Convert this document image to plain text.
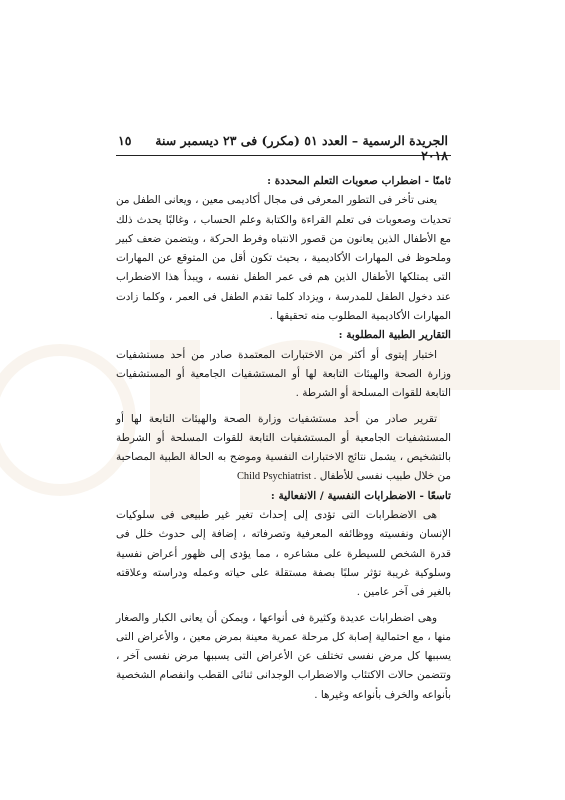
الجريدة الرسمية – العدد ٥١ (مكرر) فى ٢٣ ديسمبر سنة ٢٠١٨
١٥
ثامنًا - اضطراب صعوبات التعلم المحددة :
يعنى تأخر فى التطور المعرفى فى مجال أكاديمى معين ، ويعانى الطفل من تحديات وصعوبات فى تعلم القراءة والكتابة وعلم الحساب ، وغالبًا يحدث ذلك مع الأطفال الذين يعانون من قصور الانتباه وفرط الحركة ، ويتضمن ضعف كبير وملحوظ فى المهارات الأكاديمية ، بحيث تكون أقل من المتوقع عن المهارات التى يمتلكها الأطفال الذين هم فى عمر الطفل نفسه ، ويبدأ هذا الاضطراب عند دخول الطفل للمدرسة ، ويزداد كلما تقدم الطفل فى العمر ، وكلما زادت المهارات الأكاديمية المطلوب منه تحقيقها .
التقارير الطبية المطلوبة :
اختبار إيتوى أو أكثر من الاختبارات المعتمدة صادر من أحد مستشفيات وزارة الصحة والهيئات التابعة لها أو المستشفيات الجامعية أو المستشفيات التابعة للقوات المسلحة أو الشرطة .
تقرير صادر من أحد مستشفيات وزارة الصحة والهيئات التابعة لها أو المستشفيات الجامعية أو المستشفيات التابعة للقوات المسلحة أو الشرطة بالتشخيص ، يشمل نتائج الاختبارات النفسية وموضح به الحالة الطبية المصاحبة من خلال طبيب نفسى للأطفال Child Psychiatrist .
تاسعًا - الاضطرابات النفسية / الانفعالية :
هى الاضطرابات التى تؤدى إلى إحداث تغير غير طبيعى فى سلوكيات الإنسان ونفسيته ووظائفه المعرفية وتصرفاته ، إضافة إلى حدوث خلل فى قدرة الشخص للسيطرة على مشاعره ، مما يؤدى إلى ظهور أعراض نفسية وسلوكية غريبة تؤثر سلبًا بصفة مستقلة على حياته وعمله ودراسته وعلاقته بالغير فى آخر عامين .
وهى اضطرابات عديدة وكثيرة فى أنواعها ، ويمكن أن يعانى الكبار والصغار منها ، مع احتمالية إصابة كل مرحلة عمرية معينة بمرض معين ، والأعراض التى يسببها كل مرض نفسى تختلف عن الأعراض التى يسببها مرض نفسى آخر ، وتتضمن حالات الاكتئاب والاضطراب الوجدانى ثنائى القطب وانفصام الشخصية بأنواعه والخرف بأنواعه وغيرها .
